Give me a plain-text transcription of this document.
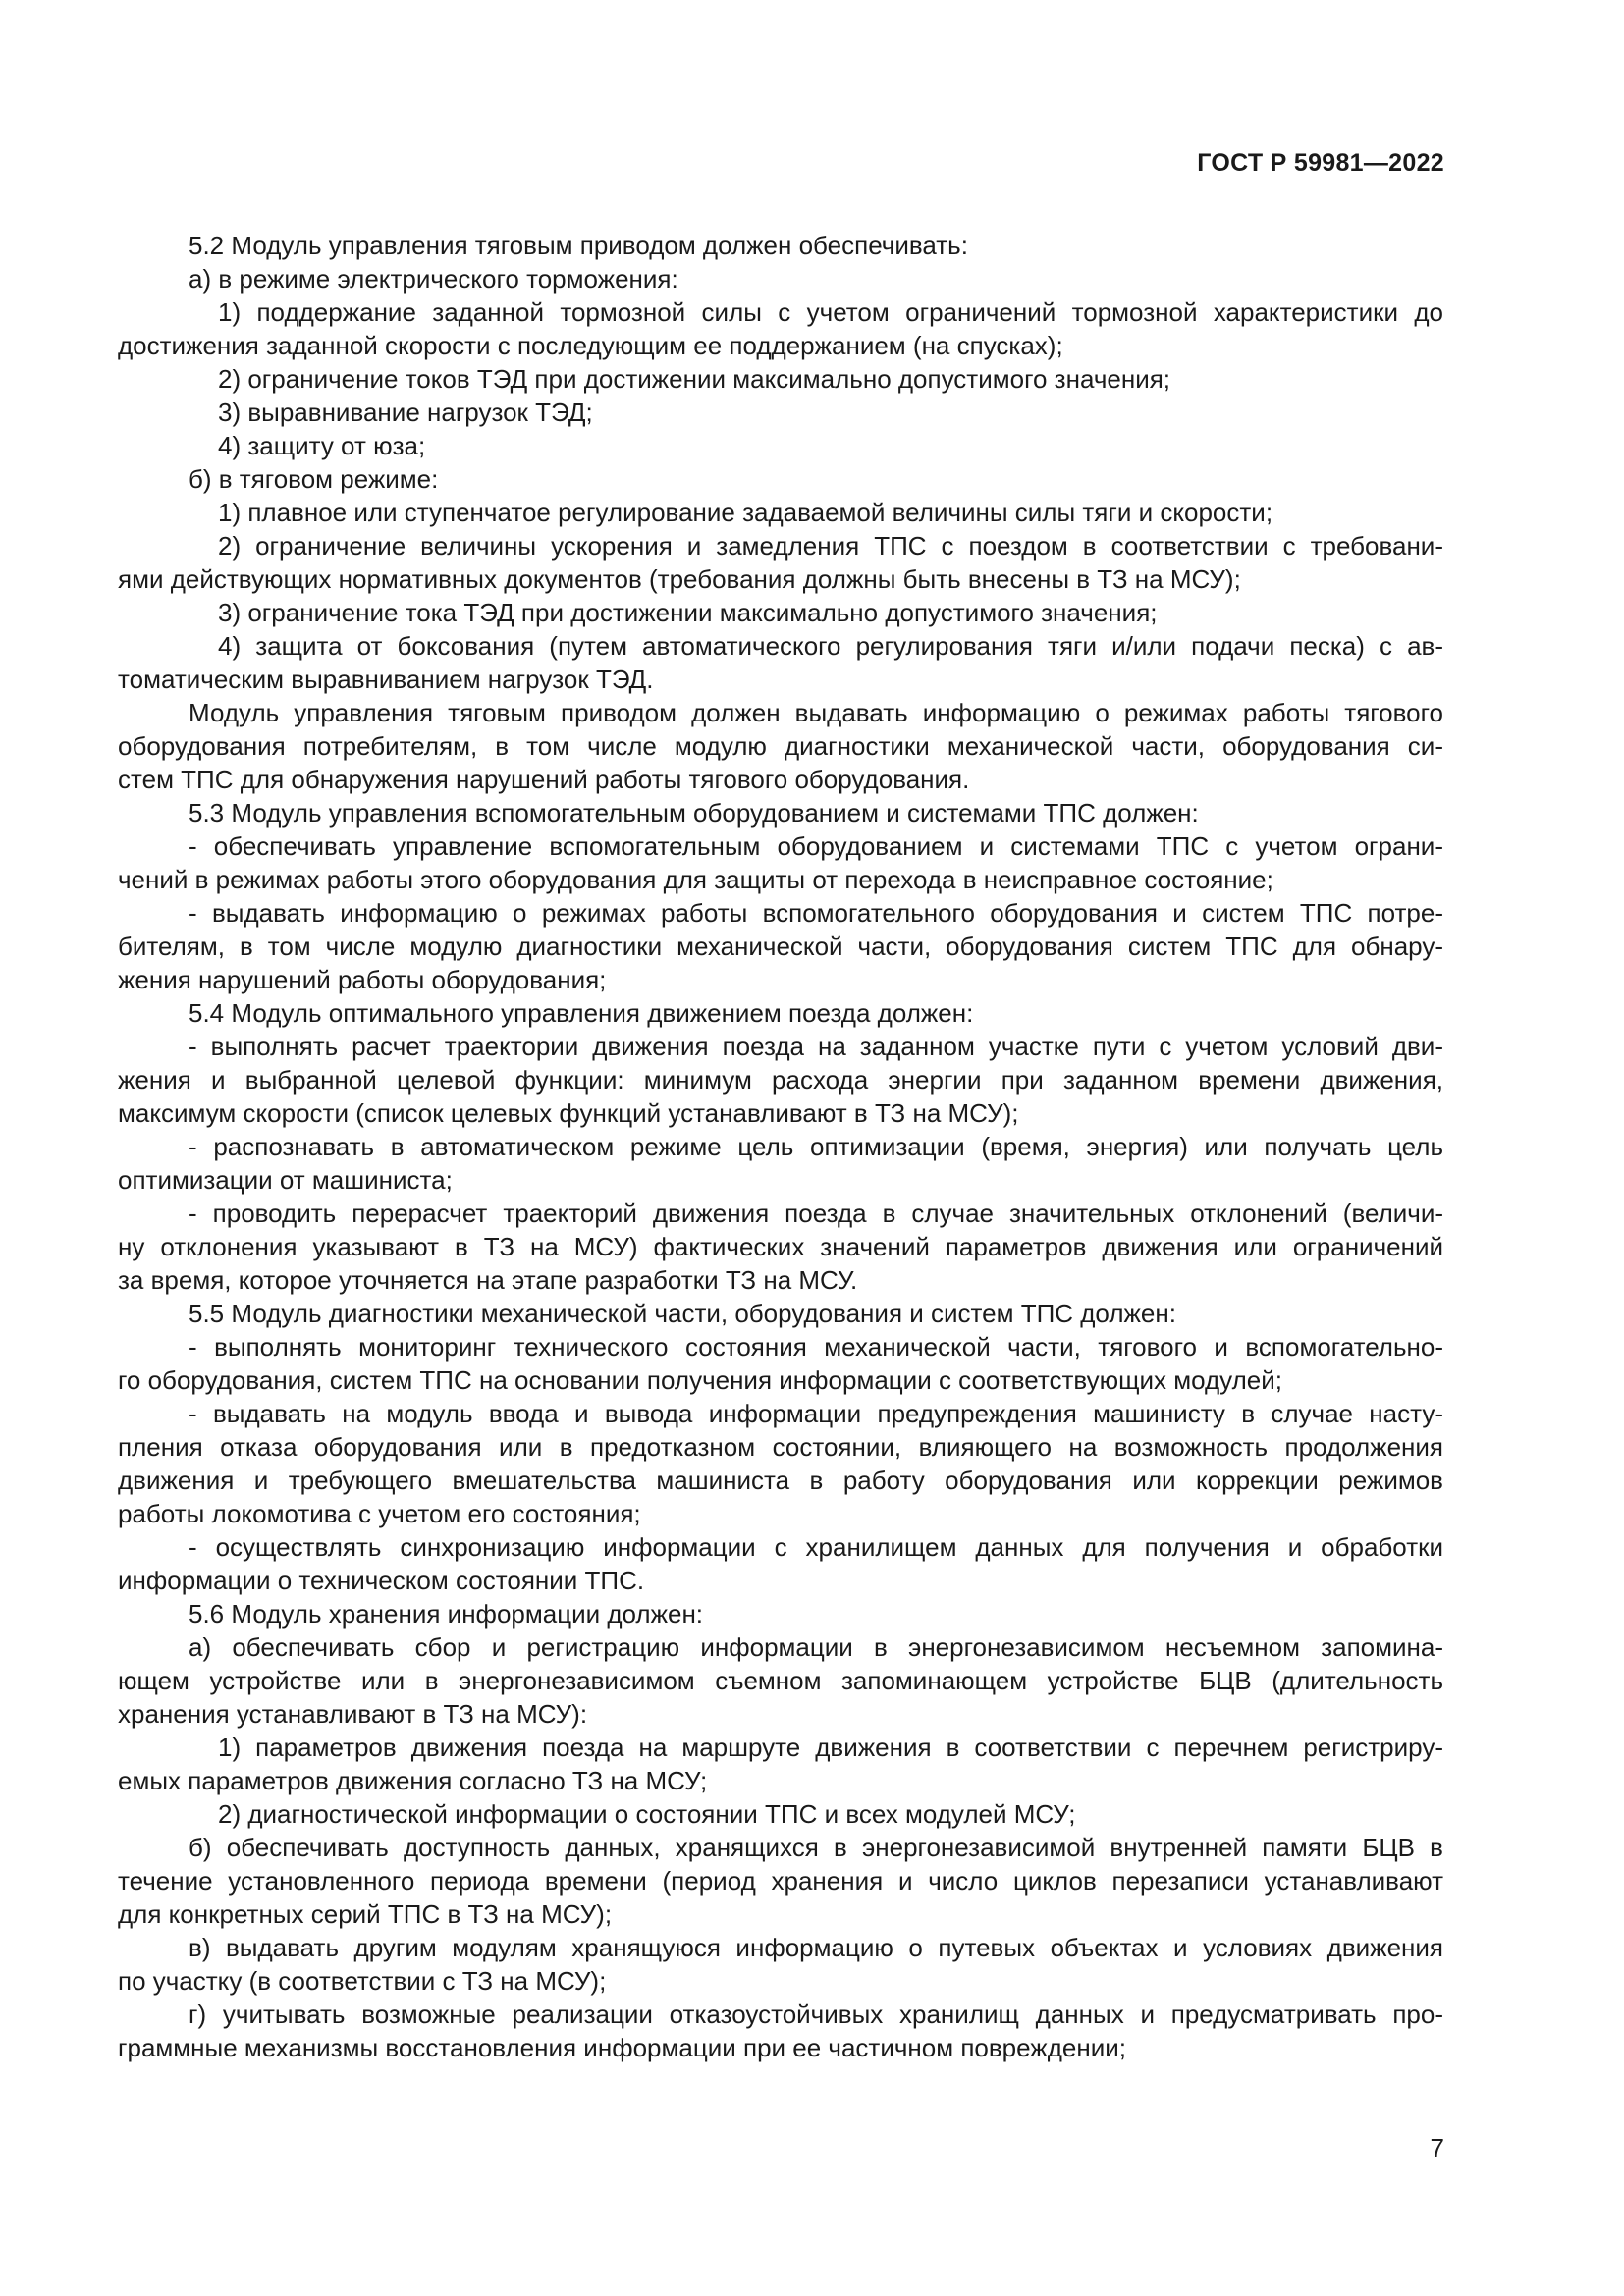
ГОСТ Р 59981—2022
5.2 Модуль управления тяговым приводом должен обеспечивать:
а) в режиме электрического торможения:
1) поддержание заданной тормозной силы с учетом ограничений тормозной характеристики до
достижения заданной скорости с последующим ее поддержанием (на спусках);
2) ограничение токов ТЭД при достижении максимально допустимого значения;
3) выравнивание нагрузок ТЭД;
4) защиту от юза;
б) в тяговом режиме:
1) плавное или ступенчатое регулирование задаваемой величины силы тяги и скорости;
2) ограничение величины ускорения и замедления ТПС с поездом в соответствии с требовани-
ями действующих нормативных документов (требования должны быть внесены в ТЗ на МСУ);
3) ограничение тока ТЭД при достижении максимально допустимого значения;
4) защита от боксования (путем автоматического регулирования тяги и/или подачи песка) с ав-
томатическим выравниванием нагрузок ТЭД.
Модуль управления тяговым приводом должен выдавать информацию о режимах работы тягового
оборудования потребителям, в том числе модулю диагностики механической части, оборудования си-
стем ТПС для обнаружения нарушений работы тягового оборудования.
5.3 Модуль управления вспомогательным оборудованием и системами ТПС должен:
- обеспечивать управление вспомогательным оборудованием и системами ТПС с учетом ограни-
чений в режимах работы этого оборудования для защиты от перехода в неисправное состояние;
- выдавать информацию о режимах работы вспомогательного оборудования и систем ТПС потре-
бителям, в том числе модулю диагностики механической части, оборудования систем ТПС для обнару-
жения нарушений работы оборудования;
5.4 Модуль оптимального управления движением поезда должен:
- выполнять расчет траектории движения поезда на заданном участке пути с учетом условий дви-
жения и выбранной целевой функции: минимум расхода энергии при заданном времени движения,
максимум скорости (список целевых функций устанавливают в ТЗ на МСУ);
- распознавать в автоматическом режиме цель оптимизации (время, энергия) или получать цель
оптимизации от машиниста;
- проводить перерасчет траекторий движения поезда в случае значительных отклонений (величи-
ну отклонения указывают в ТЗ на МСУ) фактических значений параметров движения или ограничений
за время, которое уточняется на этапе разработки ТЗ на МСУ.
5.5 Модуль диагностики механической части, оборудования и систем ТПС должен:
- выполнять мониторинг технического состояния механической части, тягового и вспомогательно-
го оборудования, систем ТПС на основании получения информации с соответствующих модулей;
- выдавать на модуль ввода и вывода информации предупреждения машинисту в случае насту-
пления отказа оборудования или в предотказном состоянии, влияющего на возможность продолжения
движения и требующего вмешательства машиниста в работу оборудования или коррекции режимов
работы локомотива с учетом его состояния;
- осуществлять синхронизацию информации с хранилищем данных для получения и обработки
информации о техническом состоянии ТПС.
5.6 Модуль хранения информации должен:
а) обеспечивать сбор и регистрацию информации в энергонезависимом несъемном запомина-
ющем устройстве или в энергонезависимом съемном запоминающем устройстве БЦВ (длительность
хранения устанавливают в ТЗ на МСУ):
1) параметров движения поезда на маршруте движения в соответствии с перечнем регистриру-
емых параметров движения согласно ТЗ на МСУ;
2) диагностической информации о состоянии ТПС и всех модулей МСУ;
б) обеспечивать доступность данных, хранящихся в энергонезависимой внутренней памяти БЦВ в
течение установленного периода времени (период хранения и число циклов перезаписи устанавливают
для конкретных серий ТПС в ТЗ на МСУ);
в) выдавать другим модулям хранящуюся информацию о путевых объектах и условиях движения
по участку (в соответствии с ТЗ на МСУ);
г) учитывать возможные реализации отказоустойчивых хранилищ данных и предусматривать про-
граммные механизмы восстановления информации при ее частичном повреждении;
7
